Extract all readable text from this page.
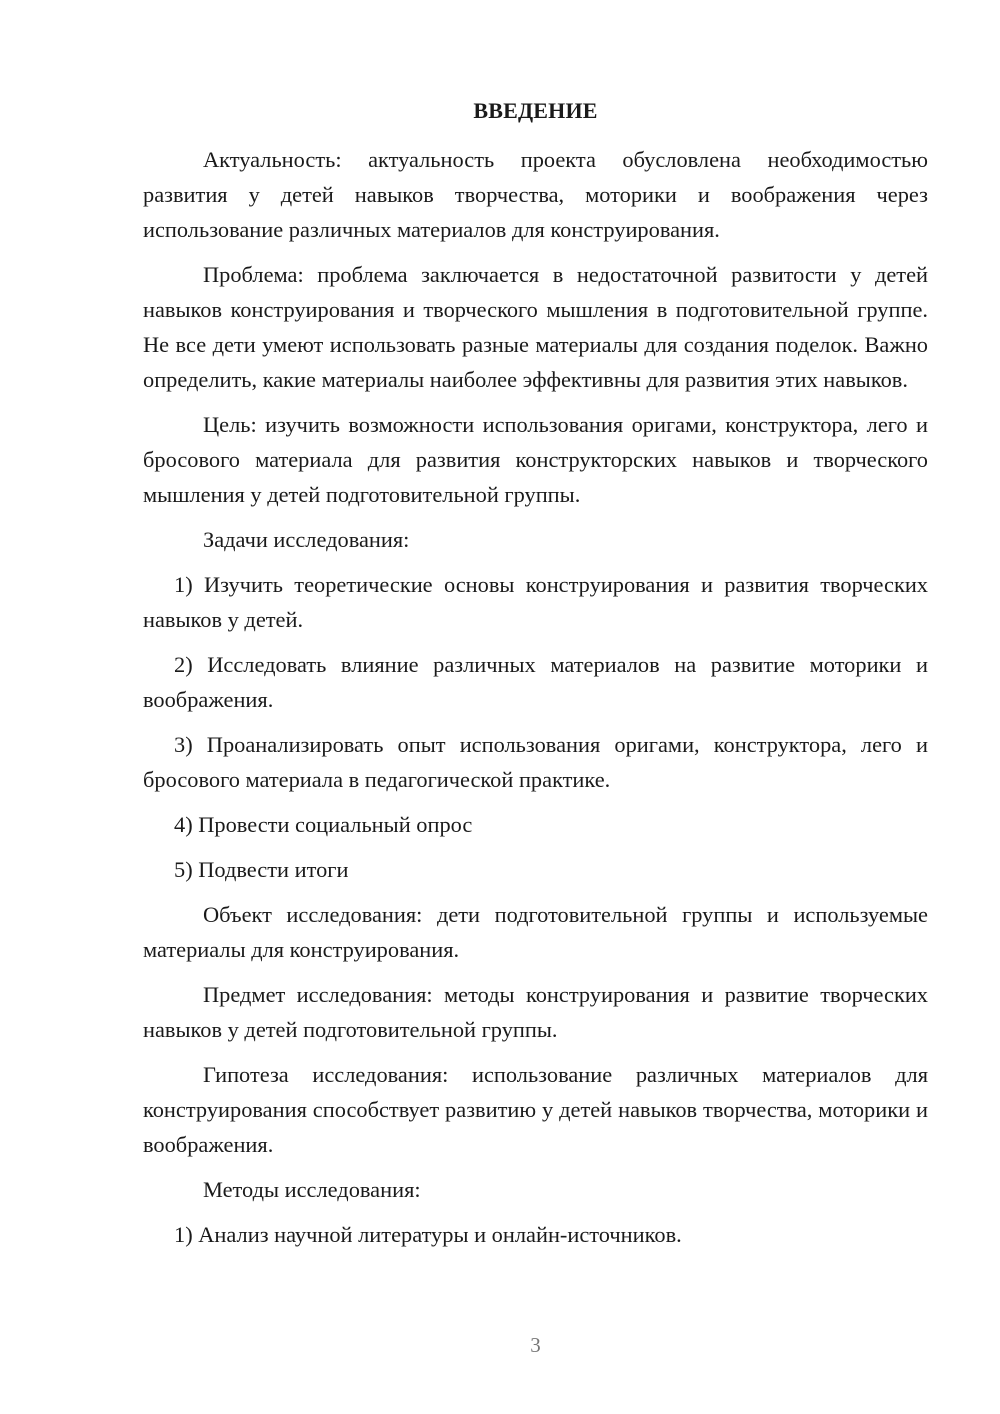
ВВЕДЕНИЕ

Актуальность: актуальность проекта обусловлена необходимостью развития у детей навыков творчества, моторики и воображения через использование различных материалов для конструирования.

Проблема: проблема заключается в недостаточной развитости у детей навыков конструирования и творческого мышления в подготовительной группе. Не все дети умеют использовать разные материалы для создания поделок. Важно определить, какие материалы наиболее эффективны для развития этих навыков.

Цель: изучить возможности использования оригами, конструктора, лего и бросового материала для развития конструкторских навыков и творческого мышления у детей подготовительной группы.

Задачи исследования:

1) Изучить теоретические основы конструирования и развития творческих навыков у детей.

2) Исследовать влияние различных материалов на развитие моторики и воображения.

3) Проанализировать опыт использования оригами, конструктора, лего и бросового материала в педагогической практике.

4) Провести социальный опрос

5) Подвести итоги

Объект исследования: дети подготовительной группы и используемые материалы для конструирования.

Предмет исследования: методы конструирования и развитие творческих навыков у детей подготовительной группы.

Гипотеза исследования: использование различных материалов для конструирования способствует развитию у детей навыков творчества, моторики и воображения.

Методы исследования:

1) Анализ научной литературы и онлайн-источников.

3
